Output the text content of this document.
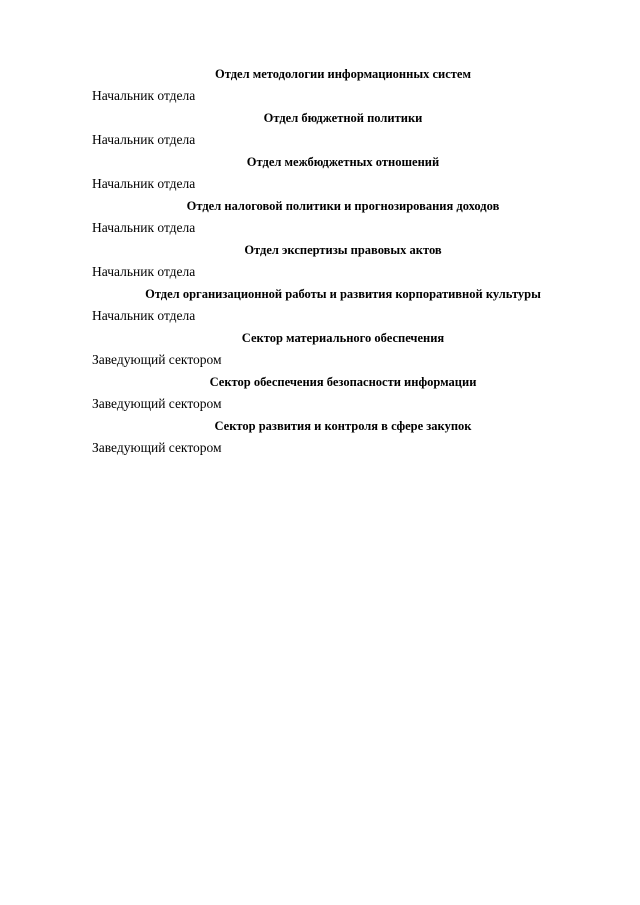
Отдел методологии информационных систем
Начальник отдела
Отдел бюджетной политики
Начальник отдела
Отдел межбюджетных отношений
Начальник отдела
Отдел налоговой политики и прогнозирования доходов
Начальник отдела
Отдел экспертизы правовых актов
Начальник отдела
Отдел организационной работы и развития корпоративной культуры
Начальник отдела
Сектор материального обеспечения
Заведующий сектором
Сектор обеспечения безопасности информации
Заведующий сектором
Сектор развития и контроля в сфере закупок
Заведующий сектором
